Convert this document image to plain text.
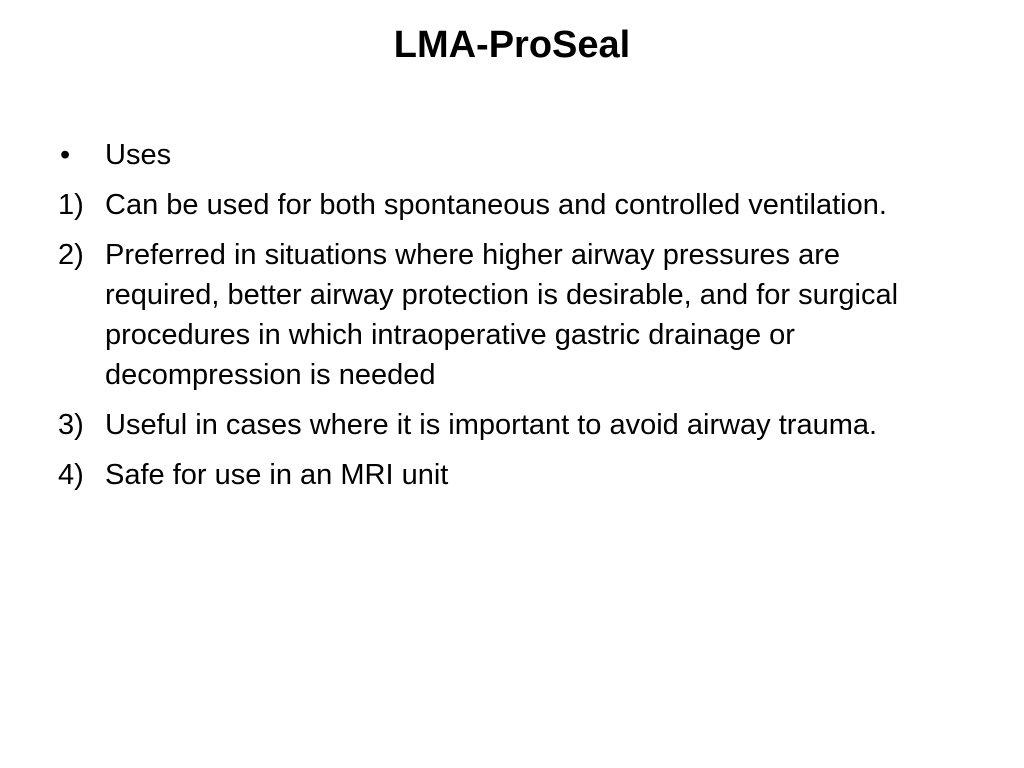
LMA-ProSeal
•	Uses
1) Can be used for both spontaneous and controlled ventilation.
2) Preferred in situations where higher airway pressures are required, better airway protection is desirable, and for surgical procedures in which intraoperative gastric drainage or decompression is needed
3) Useful in cases where it is important to avoid airway trauma.
4) Safe for use in an MRI unit
